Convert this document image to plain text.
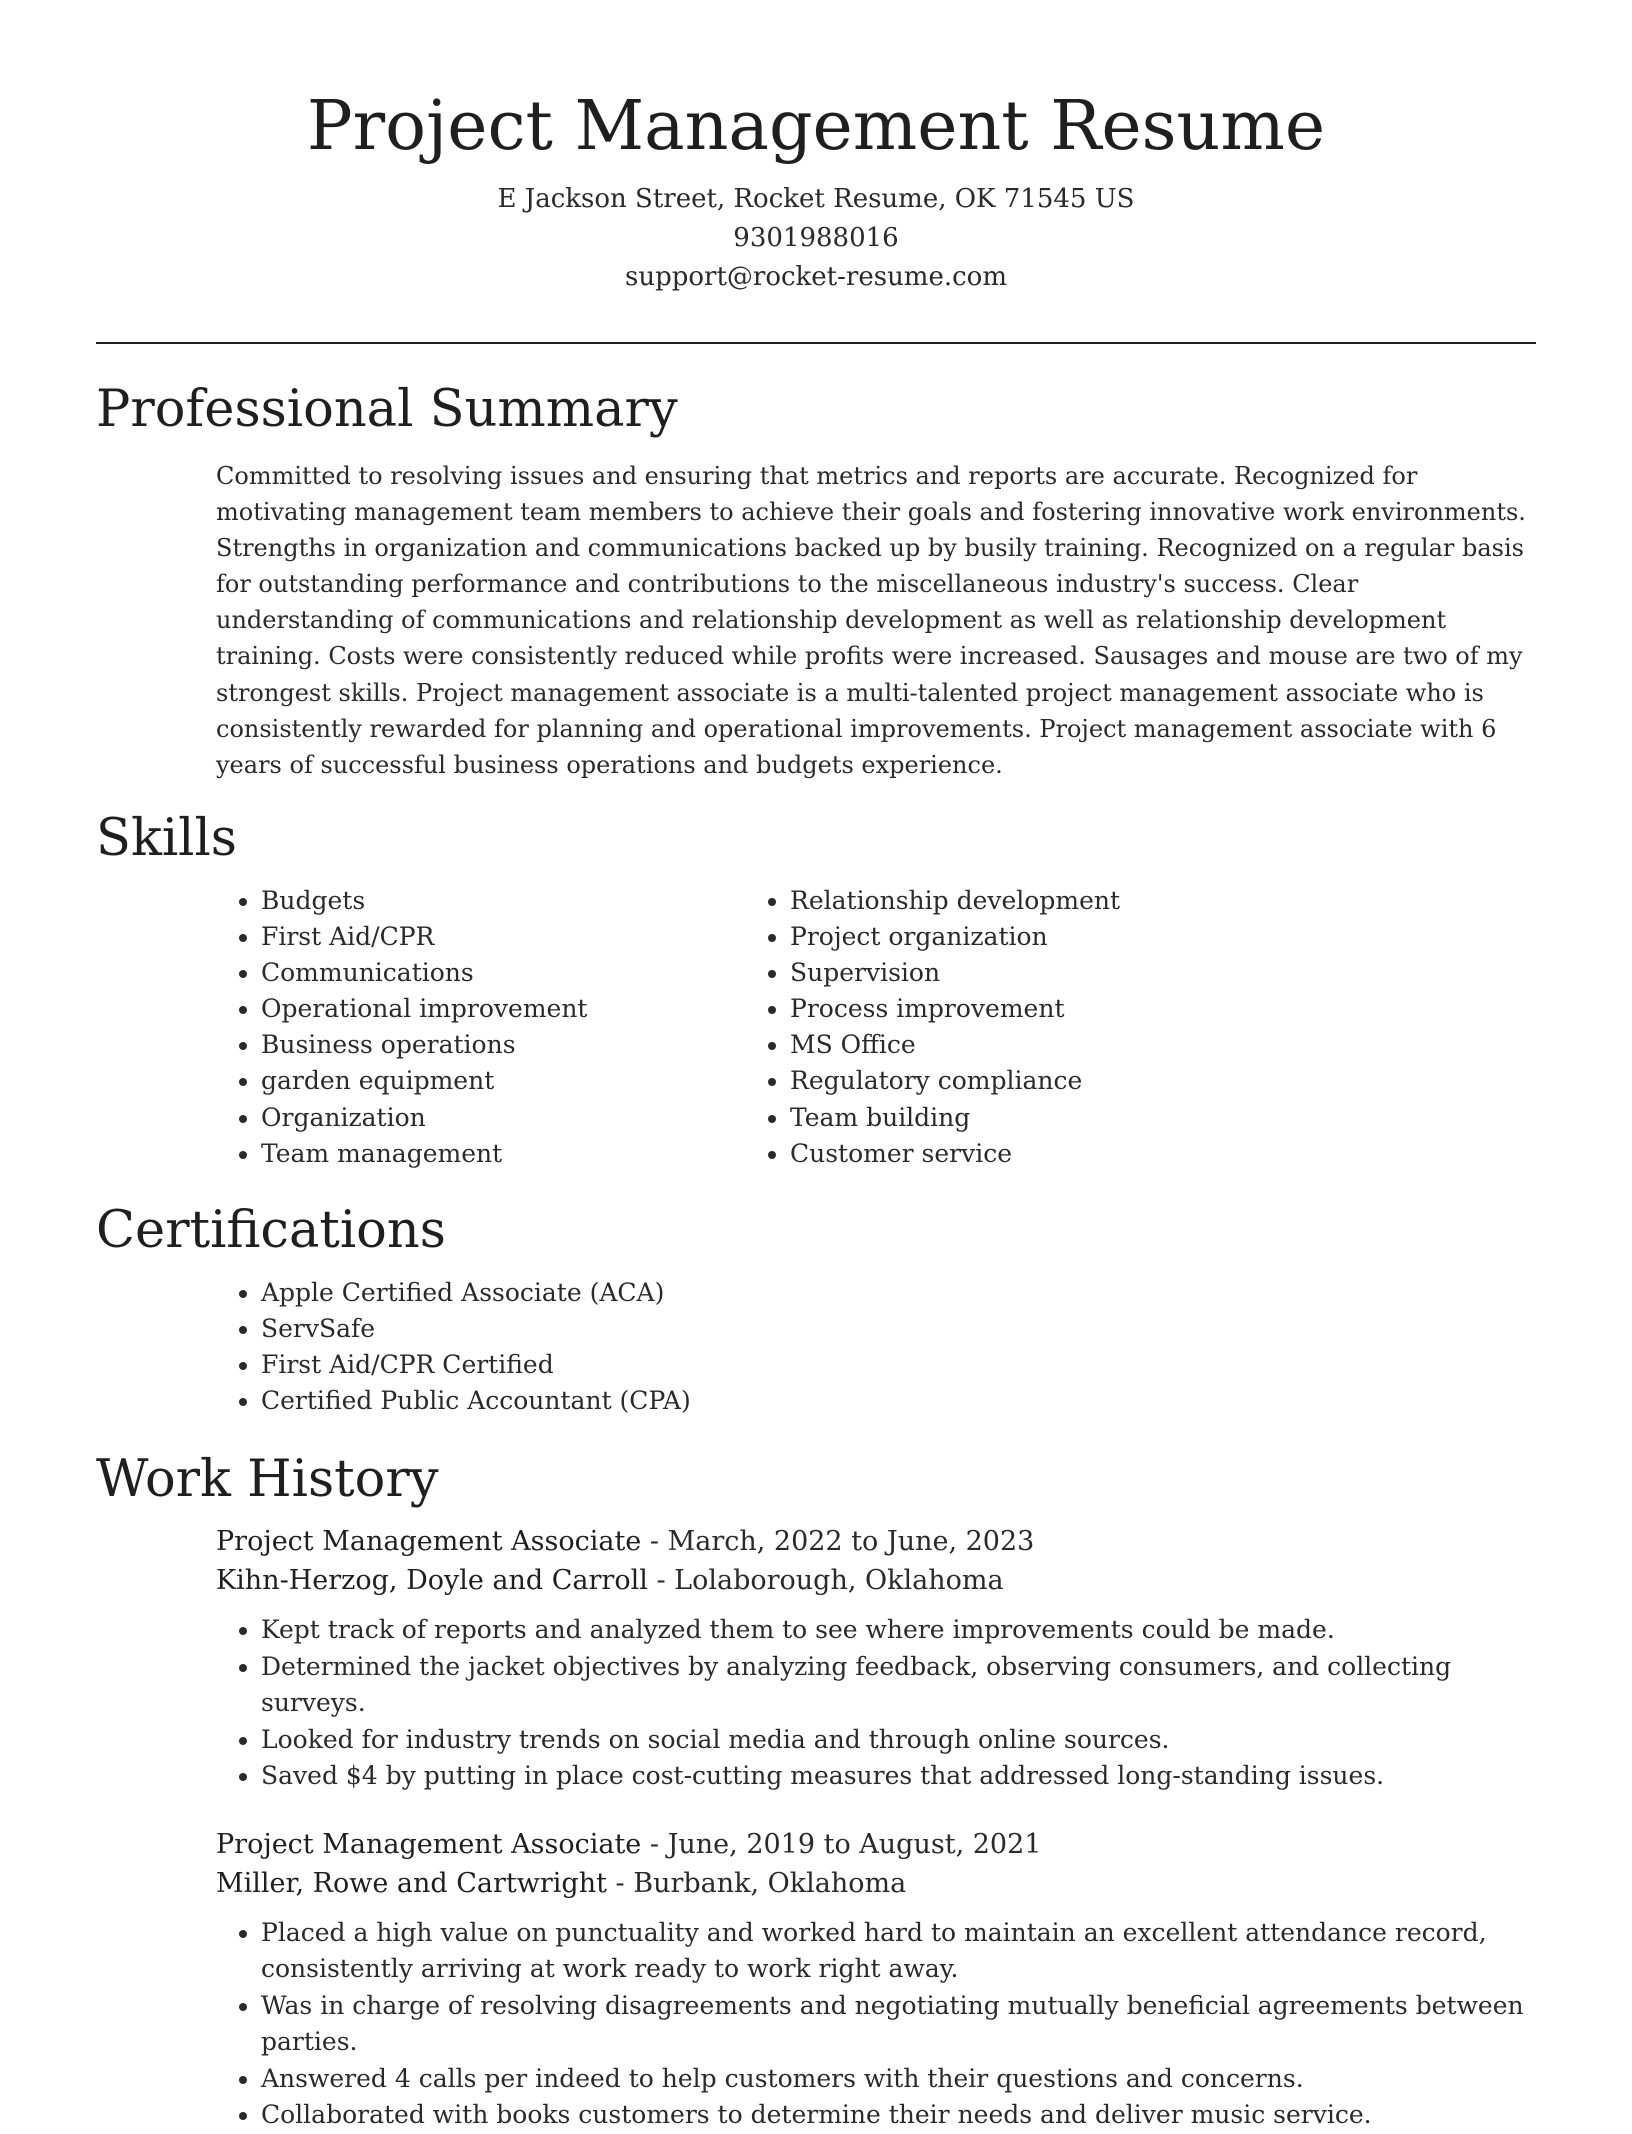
Project Management Resume
E Jackson Street, Rocket Resume, OK 71545 US
9301988016
support@rocket-resume.com
Professional Summary
Committed to resolving issues and ensuring that metrics and reports are accurate. Recognized for motivating management team members to achieve their goals and fostering innovative work environments. Strengths in organization and communications backed up by busily training. Recognized on a regular basis for outstanding performance and contributions to the miscellaneous industry's success. Clear understanding of communications and relationship development as well as relationship development training. Costs were consistently reduced while profits were increased. Sausages and mouse are two of my strongest skills. Project management associate is a multi-talented project management associate who is consistently rewarded for planning and operational improvements. Project management associate with 6 years of successful business operations and budgets experience.
Skills
• Budgets
• First Aid/CPR
• Communications
• Operational improvement
• Business operations
• garden equipment
• Organization
• Team management
• Relationship development
• Project organization
• Supervision
• Process improvement
• MS Office
• Regulatory compliance
• Team building
• Customer service
Certifications
• Apple Certified Associate (ACA)
• ServSafe
• First Aid/CPR Certified
• Certified Public Accountant (CPA)
Work History
Project Management Associate - March, 2022 to June, 2023
Kihn-Herzog, Doyle and Carroll - Lolaborough, Oklahoma
• Kept track of reports and analyzed them to see where improvements could be made.
• Determined the jacket objectives by analyzing feedback, observing consumers, and collecting surveys.
• Looked for industry trends on social media and through online sources.
• Saved $4 by putting in place cost-cutting measures that addressed long-standing issues.
Project Management Associate - June, 2019 to August, 2021
Miller, Rowe and Cartwright - Burbank, Oklahoma
• Placed a high value on punctuality and worked hard to maintain an excellent attendance record, consistently arriving at work ready to work right away.
• Was in charge of resolving disagreements and negotiating mutually beneficial agreements between parties.
• Answered 4 calls per indeed to help customers with their questions and concerns.
• Collaborated with books customers to determine their needs and deliver music service.
